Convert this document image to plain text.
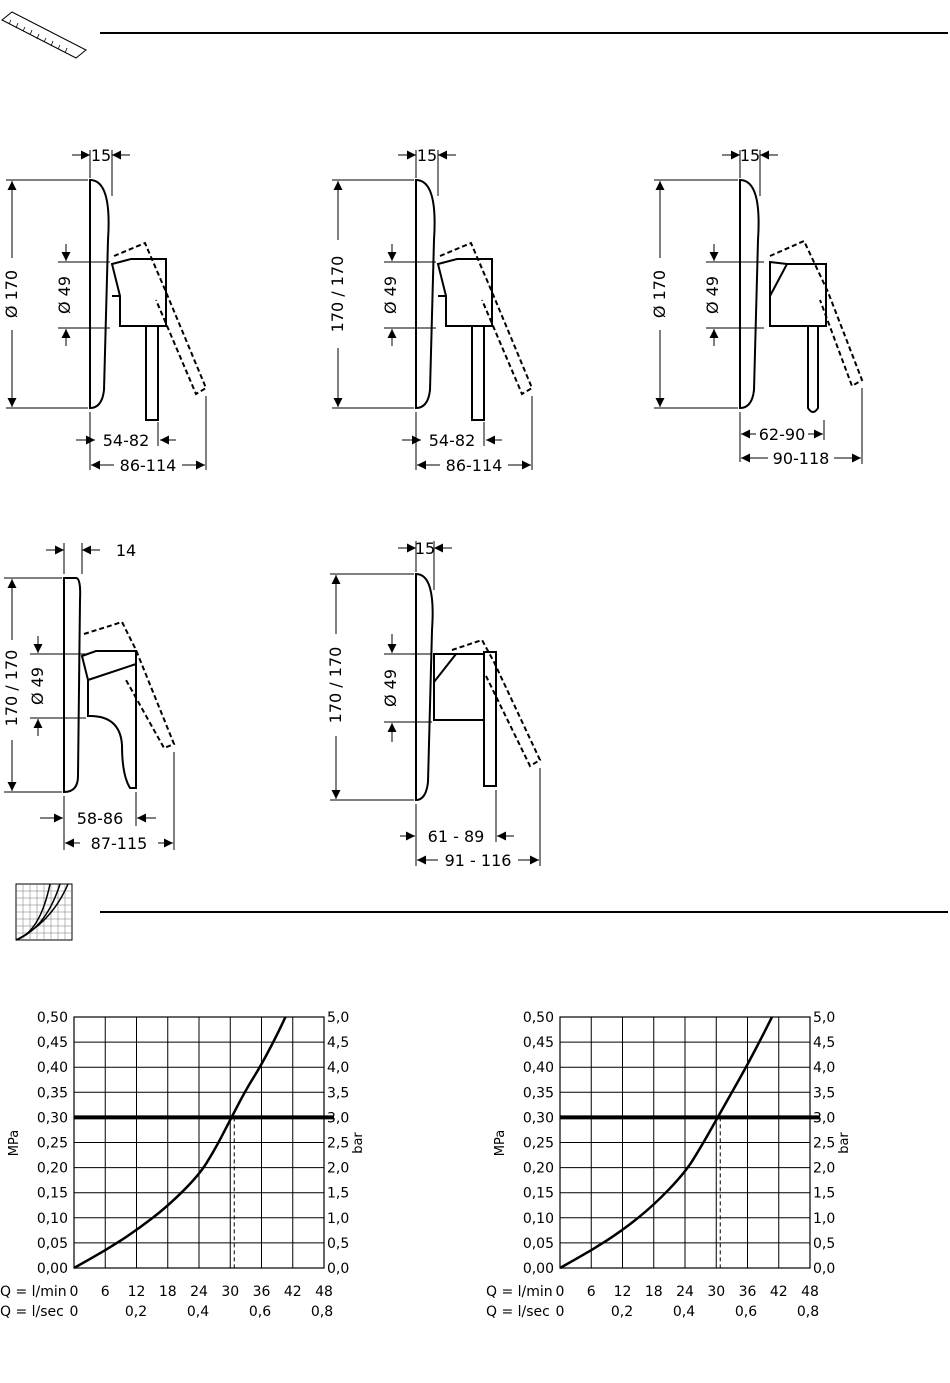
15
Ø 170 Ø 49
54-82
86-114
15
170 / 170 Ø 49
54-82
86-114
15
Ø 170 Ø 49
62-90
90-118
14
170 / 170 Ø 49
58-86
87-115
15
170 / 170 Ø 49
61 - 89
91 - 116
0,00	0,0
0,05	0,5
0,10	1,0
0,15	1,5
0,20	2,0
0,25	2,5
0,30	3,0
0,35	3,5
0,40	4,0
0,45	4,5
0,50	5,0
MPa	bar
Q = l/min
Q = l/sec
0 6 12 18 24 30 36 42 48
0	0,2	0,4	0,6	0,8
0,00	0,0
0,05	0,5
0,10	1,0
0,15	1,5
0,20	2,0
0,25	2,5
0,30	3,0
0,35	3,5
0,40	4,0
0,45	4,5
0,50	5,0
MPa	bar
Q = l/min
Q = l/sec
0 6 12 18 24 30 36 42 48
0	0,2	0,4	0,6	0,8
